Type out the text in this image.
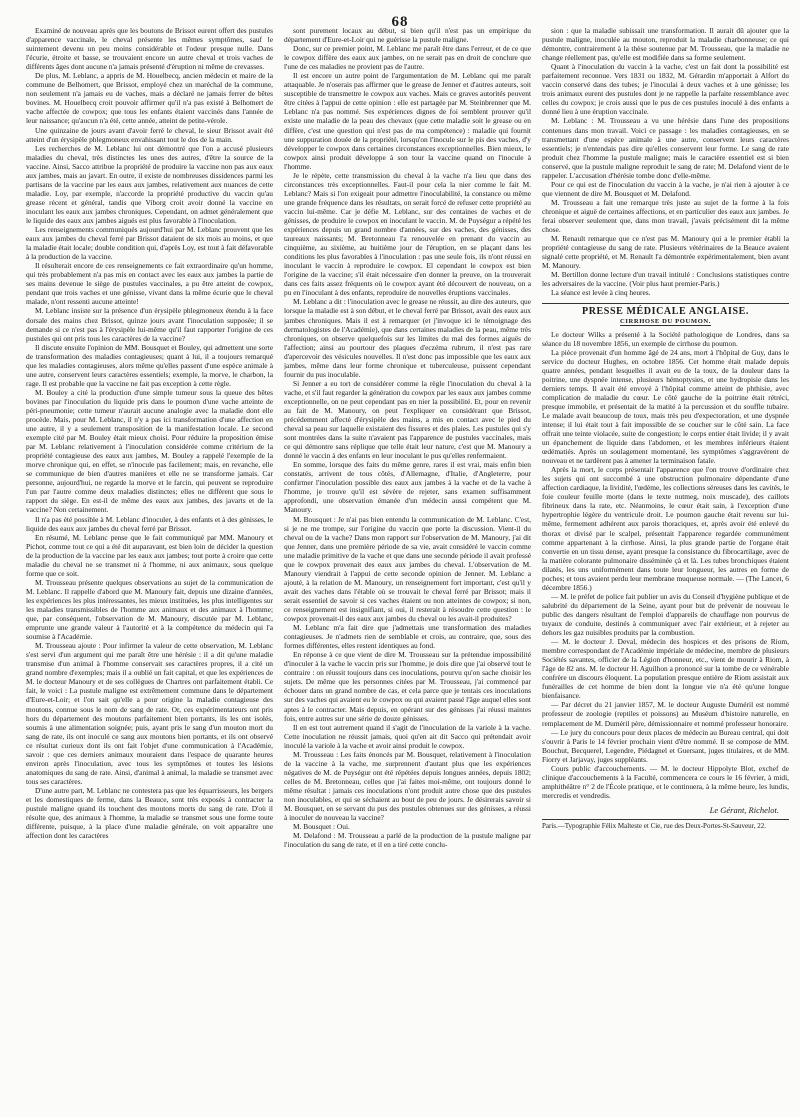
68

Examiné de nouveau après que les boutons de Brissot eurent offert des pustules d'apparence vaccinale, le cheval présente les mêmes symptômes, sauf le suintement devenu un peu moins considérable et l'odeur presque nulle. Dans l'écurie, étroite et basse, se trouvaient encore un autre cheval et trois vaches de différents âges dont aucune n'a jamais présenté d'éruption ni même de crevasses.

De plus, M. Leblanc, a appris de M. Houelbecq, ancien médecin et maire de la commune de Belhomert, que Brissot, employé chez un maréchal de la commune, non seulement n'a jamais eu de vaches, mais a déclaré ne jamais ferrer de bêtes bovines. M. Houelbecq croit pouvoir affirmer qu'il n'a pas existé à Belhomert de vache affectée de cowpox; que tous les enfants étaient vaccinés dans l'année de leur naissance; qu'aucun n'a été, cette année, atteint de petite-vérole.

Une quinzaine de jours avant d'avoir ferré le cheval, le sieur Brissot avait été atteint d'un érysipèle phlegmoneux envahissant tout le dos de la main.

Les recherches de M. Leblanc lui ont démontré que l'on a accusé plusieurs maladies du cheval, très distinctes les unes des autres, d'être la source de la vaccine. Ainsi, Sacco attribue la propriété de produire la vaccine non pas aux eaux aux jambes, mais au javart. En outre, il existe de nombreuses dissidences parmi les partisans de la vaccine par les eaux aux jambes, relativement aux nuances de cette maladie. Loy, par exemple, n'accorde la propriété productive du vaccin qu'au grease récent et général, tandis que Viborg croit avoir donné la vaccine en inoculant les eaux aux jambes chroniques. Cependant, on admet généralement que le liquide des eaux aux jambes aigués est plus favorable à l'inoculation.

Les renseignements communiqués aujourd'hui par M. Leblanc prouvent que les eaux aux jambes du cheval ferré par Brissot dataient de six mois au moins, et que la maladie était locale; double condition qui, d'après Loy, est tout à fait défavorable à la production de la vaccine.

Il résulterait encore de ces renseignements ce fait extraordinaire qu'un homme, qui très probablement n'a pas mis en contact avec les eaux aux jambes la partie de ses mains devenue le siège de pustules vaccinales, a pu être atteint de cowpox, pendant que trois vaches et une génisse, vivant dans la même écurie que le cheval malade, n'ont ressenti aucune atteinte!

M. Leblanc insiste sur la présence d'un érysipèle phlegmoneux étendu à la face dorsale des mains chez Brissot, quinze jours avant l'inoculation supposée; il se demande si ce n'est pas à l'érysipèle lui-même qu'il faut rapporter l'origine de ces pustules qui ont pris tous les caractères de la vaccine?

Il discute ensuite l'opinion de MM. Bousquet et Bouley, qui admettent une sorte de transformation des maladies contagieuses; quant à lui, il a toujours remarqué que les maladies contagieuses, alors même qu'elles passent d'une espèce animale à une autre, conservent leurs caractères essentiels; exemple, la morve, le charbon, la rage. Il est probable que la vaccine ne fait pas exception à cette règle.

M. Bouley a cité la production d'une simple tumeur sous la queue des bêtes bovines par l'inoculation du liquide pris dans le poumon d'une vache atteinte de péri-pneumonie; cette tumeur n'aurait aucune analogie avec la maladie dont elle procède. Mais, pour M. Leblanc, il n'y a pas ici transformation d'une affection en une autre, il y a seulement transposition de la manifestation locale. Le second exemple cité par M. Bouley était mieux choisi. Pour réduire la proposition émise par M. Leblanc relativement à l'inoculation considérée comme critérium de la propriété contagieuse des eaux aux jambes, M. Bouley a rappelé l'exemple de la morve chronique qui, en effet, se n'inocule pas facilement; mais, en revanche, elle se communique de bien d'autres manières et elle ne se transforme jamais. Car personne, aujourd'hui, ne regarde la morve et le farcin, qui peuvent se reproduire l'un par l'autre comme deux maladies distinctes; elles ne diffèrent que sous le rapport du siège. En est-il de même des eaux aux jambes, des javarts et de la vaccine? Non certainement.

Il n'a pas été possible à M. Leblanc d'inoculer, à des enfants et à des génisses, le liquide des eaux aux jambes du cheval ferré par Brissot.

En résumé, M. Leblanc pense que le fait communiqué par MM. Manoury et Pichot, comme tout ce qui a été dit auparavant, est bien loin de décider la question de la production de la vaccine par les eaux aux jambes; tout porte à croire que cette maladie du cheval ne se transmet ni à l'homme, ni aux animaux, sous quelque forme que ce soit.

M. Trousseau présente quelques observations au sujet de la communication de M. Leblanc. Il rappelle d'abord que M. Manoury fait, depuis une dizaine d'années, les expériences les plus intéressantes, les mieux instituées, les plus intelligentes sur les maladies transmissibles de l'homme aux animaux et des animaux à l'homme; que, par conséquent, l'observation de M. Manoury, discutée par M. Leblanc, emprunte une grande valeur à l'autorité et à la compétence du médecin qui l'a soumise à l'Académie.

M. Trousseau ajoute : Pour infirmer la valeur de cette observation, M. Leblanc s'est servi d'un argument qui me paraît être une hérésie : il a dit qu'une maladie transmise d'un animal à l'homme conservait ses caractères propres, il a cité un grand nombre d'exemples; mais il a oublié un fait capital, et que les expériences de M. le docteur Manoury et de ses collègues de Chartres ont parfaitement établi. Ce fait, le voici : La pustule maligne est extrêmement commune dans le département d'Eure-et-Loir; et l'on sait qu'elle a pour origine la maladie contagieuse des moutons, connue sous le nom de sang de rate. Or, ces expérimentateurs ont pris hors du département des moutons parfaitement bien portants, ils les ont isolés, soumis à une alimentation soignée; puis, ayant pris le sang d'un mouton mort du sang de rate, ils ont inoculé ce sang aux moutons bien portants, et ils ont observé ce résultat curieux dont ils ont fait l'objet d'une communication à l'Académie, savoir : que ces derniers animaux mouraient dans l'espace de quarante heures environ après l'inoculation, avec tous les symptômes et toutes les lésions anatomiques du sang de rate. Ainsi, d'animal à animal, la maladie se transmet avec tous ses caractères.

D'une autre part, M. Leblanc ne contestera pas que les équarrisseurs, les bergers et les domestiques de ferme, dans la Beauce, sont très exposés à contracter la pustule maligne quand ils touchent des moutons morts du sang de rate. D'où il résulte que, des animaux à l'homme, la maladie se transmet sous une forme toute différente, puisque, à la place d'une maladie générale, on voit apparaître une affection dont les caractères

sont purement locaux au début, si bien qu'il n'est pas un empirique du département d'Eure-et-Loir qui ne guérisse la pustule maligne.

Donc, sur ce premier point, M. Leblanc me paraît être dans l'erreur, et de ce que le cowpox diffère des eaux aux jambes, on ne serait pas en droit de conclure que l'une de ces maladies ne provient pas de l'autre.

Il est encore un autre point de l'argumentation de M. Leblanc qui me paraît attaquable. Je n'oserais pas affirmer que le grease de Jenner et d'autres auteurs, soit susceptible de transmettre le cowpox aux vaches. Mais ce graves autorités peuvent être citées à l'appui de cette opinion : elle est partagée par M. Steinbrenner que M. Leblanc n'a pas nommé. Ses expériences dignes de foi semblent prouver qu'il existe une maladie de la peau des chevaux (que cette maladie soit le grease ou en diffère, c'est une question qui n'est pas de ma compétence) : maladie qui fournit une suppuration douée de la propriété, lorsqu'on l'inocule sur le pis des vaches, d'y développer le cowpox dans certaines circonstances exceptionnelles. Bien mieux, le cowpox ainsi produit développe à son tour la vaccine quand on l'inocule à l'homme.

Je le répète, cette transmission du cheval à la vache n'a lieu que dans des circonstances très exceptionnelles. Faut-il pour cela la nier comme le fait M. Leblanc? Mais si l'on exigeait pour admettre l'inoculabilité, la constance ou même une grande fréquence dans les résultats, on serait forcé de refuser cette propriété au vaccin lui-même. Car je défie M. Leblanc, sur des centaines de vaches et de génisses, de produire le cowpox en inoculant le vaccin. M. de Puységur a répété les expériences depuis un grand nombre d'années, sur des vaches, des génisses, des taureaux naissants; M. Bretonneau l'a renouvelée en prenant du vaccin au cinquième, au sixième, au huitième jour de l'éruption, en se plaçant dans les conditions les plus favorables à l'inoculation : pas une seule fois, ils n'ont réussi en inoculant le vaccin à reproduire le cowpox. El cependant le cowpox est bien l'origine de la vaccine; s'il était nécessaire d'en donner la preuve, on la trouverait dans ces faits assez fréquents où le cowpox ayant été découvert de nouveau, on a pu en l'inoculant à des enfants, reproduire de nouvelles éruptions vaccinales.

M. Leblanc a dit : l'inoculation avec le grease ne réussit, au dire des auteurs, que lorsque la maladie est à son début, et le cheval ferré par Brissot, avait des eaux aux jambes chroniques. Mais il est à remarquer (et j'invoque ici le témoignage des dermatologistes de l'Académie), que dans certaines maladies de la peau, même très chroniques, on observe quelquefois sur les limites du mal des formes aiguës de l'affection; ainsi au pourtour des plaques d'eczéma rubrum, il n'est pas rare d'apercevoir des vésicules nouvelles. Il n'est donc pas impossible que les eaux aux jambes, même dans leur forme chronique et tuberculeuse, puissent cependant fournir du pus inoculable.

Si Jenner a eu tort de considérer comme la règle l'inoculation du cheval à la vache, et s'il faut regarder la génération du cowpox par les eaux aux jambes comme exceptionnelle, on ne peut cependant pas en nier la possibilité. Et, pour en revenir au fait de M. Manoury, on peut l'expliquer en considérant que Brissot, précédemment affecté d'érysipèle des mains, a mis en contact avec le pied du cheval sa peau sur laquelle existaient des fissures et des plaies. Les pustules qui s'y sont montrées dans la suite n'avaient pas l'apparence de pustules vaccinales, mais ce qui démontre sans réplique que telle était leur nature, c'est que M. Manoury a donné le vaccin à des enfants en leur inoculant le pus qu'elles renfermaient.

En somme, lorsque des faits du même genre, rares il est vrai, mais enfin bien constatés, arrivent de tous côtés, d'Allemagne, d'Italie, d'Angleterre, pour confirmer l'inoculation possible des eaux aux jambes à la vache et de la vache à l'homme, je trouve qu'il est sévère de rejeter, sans examen suffisamment approfondi, une observation émanée d'un médecin aussi compétent que M. Manoury.

M. Bousquet : Je n'ai pas bien entendu la communication de M. Leblanc. C'est, si je ne me trompe, sur l'origine du vaccin que porte la discussion. Vient-il du cheval ou de la vache? Dans mon rapport sur l'observation de M. Manoury, j'ai dit que Jenner, dans une première période de sa vie, avait considéré le vaccin comme une maladie primitive de la vache et que dans une seconde période il avait professé que le cowpox provenait des eaux aux jambes du cheval. L'observation de M. Manoury viendrait à l'appui de cette seconde opinion de Jenner. M. Leblanc a ajouté, à la relation de M. Manoury, un renseignement fort important, c'est qu'il y avait des vaches dans l'étable où se trouvait le cheval ferré par Brissot; mais il serait essentiel de savoir si ces vaches étaient ou non atteintes de cowpox; si non, ce renseignement est insignifiant, si oui, il resterait à résoudre cette question : le cowpox provenait-il des eaux aux jambes du cheval ou les avait-il produites?

M. Leblanc m'a fait dire que j'admettais une transformation des maladies contagieuses. Je n'admets rien de semblable et crois, au contraire, que, sous des formes différentes, elles restent identiques au fond.

En réponse à ce que vient de dire M. Trousseau sur la prétendue impossibilité d'inoculer à la vache le vaccin pris sur l'homme, je dois dire que j'ai observé tout le contraire : on réussit toujours dans ces inoculations, pourvu qu'on sache choisir les sujets. De même que les personnes citées par M. Trousseau, j'ai commencé par échouer dans un grand nombre de cas, et cela parce que je tentais ces inoculations sur des vaches qui avaient eu le cowpox ou qui avaient passé l'âge auquel elles sont aptes à le contracter. Mais depuis, en opérant sur des génisses j'ai réussi maintes fois, entre autres sur une série de douze génisses.

Il en est tout autrement quand il s'agit de l'inoculation de la variole à la vache. Cette inoculation ne réussit jamais, quoi qu'en ait dit Sacco qui prétendait avoir inoculé la variole à la vache et avoir ainsi produit le cowpox.

M. Trousseau : Les faits énoncés par M. Bousquet, relativement à l'inoculation de la vaccine à la vache, me surprennent d'autant plus que les expériences négatives de M. de Puységur ont été répétées depuis longues années, depuis 1802; celles de M. Bretonneau, celles que j'ai faites moi-même, ont toujours donné le même résultat : jamais ces inoculations n'ont produit autre chose que des pustules non inoculables, et qui se séchaient au bout de peu de jours. Je désirerais savoir si M. Bousquet, en se servant du pus des pustules obtenues sur des génisses, a réussi à inoculer de nouveau la vaccine?

M. Bousquet : Oui.

M. Delafond : M. Trousseau a parlé de la production de la pustule maligne par l'inoculation du sang de rate, et il en a tiré cette conclu-

sion : que la maladie subissait une transformation. Il aurait dû ajouter que la pustule maligne, inoculée au mouton, reproduit la maladie charbonneuse; ce qui démontre, contrairement à la thèse soutenue par M. Trousseau, que la maladie ne change réellement pas, qu'elle est modifiée dans sa forme seulement.

Quant à l'inoculation du vaccin à la vache, c'est un fait dont la possibilité est parfaitement reconnue. Vers 1831 ou 1832, M. Gérardin m'apportait à Alfort du vaccin conservé dans des tubes; je l'inoculai à deux vaches et à une génisse; les trois animaux eurent des pustules dont je ne rappelle la parfaite ressemblance avec celles du cowpox; je crois aussi que le pus de ces pustules inoculé à des enfants a donné lieu à une éruption vaccinale.

M. Leblanc : M. Trousseau a vu une hérésie dans l'une des propositions contenues dans mon travail. Voici ce passage : les maladies contagieuses, en se transmettant d'une espèce animale à une autre, conservent leurs caractères essentiels; je n'entendais pas dire qu'elles conservent leur forme. Le sang de rate produit chez l'homme la pustule maligne; mais le caractère essentiel est si bien conservé, que la pustule maligne reproduit le sang de rate; M. Delafond vient de le rappeler. L'accusation d'hérésie tombe donc d'elle-même.

Pour ce qui est de l'inoculation du vaccin à la vache, je n'ai rien à ajouter à ce que viennent de dire M. Bousquet et M. Delafond.

M. Trousseau a fait une remarque très juste au sujet de la forme à la fois chronique et aiguë de certaines affections, et en particulier des eaux aux jambes. Je ferai observer seulement que, dans mon travail, j'avais précisément dit la même chose.

M. Renault remarque que ce n'est pas M. Manoury qui a le premier établi la propriété contagieuse du sang de rate. Plusieurs vétérinaires de la Beauce avaient signalé cette propriété, et M. Renault l'a démontrée expérimentalement, bien avant M. Manoury.

M. Bertillon donne lecture d'un travail intitulé : Conclusions statistiques contre les adversaires de la vaccine. (Voir plus haut premier-Paris.)

La séance est levée à cinq heures.

PRESSE MÉDICALE ANGLAISE.
CIRRHOSE DU POUMON.

Le docteur Wilks a présenté à la Société pathologique de Londres, dans sa séance du 18 novembre 1856, un exemple de cirrhose du poumon.

La pièce provenait d'un homme âgé de 24 ans, mort à l'hôpital de Guy, dans le service du docteur Hughes, en octobre 1856. Cet homme était malade depuis quatre années, pendant lesquelles il avait eu de la toux, de la douleur dans la poitrine, une dyspnée intense, plusieurs hémoptysies, et une hydropisie dans les derniers temps. Il avait été envoyé à l'hôpital comme atteint de phthisie, avec complication de maladie du cœur. Le côté gauche de la poitrine était rétréci, presque immobile, et présentait de la matité à la percussion et du souffle tubaire. Le malade avait beaucoup de toux, mais très peu d'expectoration, et une dyspnée intense; il lui était tout à fait impossible de se coucher sur le côté sain. La face offrait une teinte violacée, suite de congestion; le corps entier était livide; il y avait un épanchement de liquide dans l'abdomen, et les membres inférieurs étaient œdématiés. Après un soulagement momentané, les symptômes s'aggravèrent de nouveau et ne tardèrent pas à amener la terminaison fatale.

Après la mort, le corps présentait l'apparence que l'on trouve d'ordinaire chez les sujets qui ont succombé à une obstruction pulmonaire dépendante d'une affection cardiaque, la lividité, l'œdème, les collections séreuses dans les cavités, le foie couleur feuille morte (dans le texte nutmeg, noix muscade), des caillots fibrineux dans la rate, etc. Néanmoins, le cœur était sain, à l'exception d'une hypertrophie légère du ventricule droit. Le poumon gauche était revenu sur lui-même, fermement adhérent aux parois thoraciques, et, après avoir été enlevé du thorax et divisé par le scalpel, présentait l'apparence regardée communément comme appartenant à la cirrhose. Ainsi, la plus grande partie de l'organe était convertie en un tissu dense, ayant presque la consistance du fibrocartilage, avec de la matière colorante pulmonaire disséminée çà et là. Les tubes bronchiques étaient dilatés, les uns uniformément dans toute leur longueur, les autres en forme de poches; et tous avaient perdu leur membrane muqueuse normale. — (The Lancet, 6 décembre 1856.)

— M. le préfet de police fait publier un avis du Conseil d'hygiène publique et de salubrité du département de la Seine, ayant pour but de prévenir de nouveau le public des dangers résultant de l'emploi d'appareils de chauffage non pourvus de tuyaux de conduite, destinés à communiquer avec l'air extérieur, et à rejeter au dehors les gaz nuisibles produits par la combustion.

— M. le docteur J. Deval, médecin des hospices et des prisons de Riom, membre correspondant de l'Académie impériale de médecine, membre de plusieurs Sociétés savantes, officier de la Légion d'honneur, etc., vient de mourir à Riom, à l'âge de 82 ans. M. le docteur H. Aguilhon a prononcé sur la tombe de ce vénérable confrère un discours éloquent. La population presque entière de Riom assistait aux funérailles de cet homme de bien dont la longue vie n'a été qu'une longue bienfaisance.

— Par décret du 21 janvier 1857, M. le docteur Auguste Duméril est nommé professeur de zoologie (reptiles et poissons) au Muséum d'histoire naturelle, en remplacement de M. Duméril père, démissionnaire et nommé professeur honoraire.

— Le jury du concours pour deux places de médecin au Bureau central, qui doit s'ouvrir à Paris le 14 février prochain vient d'être nommé. Il se compose de MM. Bouchut, Becquerel, Legendre, Piédagnel et Guersant, juges titulaires, et de MM. Fiorry et Jarjavay, juges suppléants.

Cours public d'accouchements. — M. le docteur Hippolyte Blot, exchef de clinique d'accouchements à la Faculté, commencera ce cours le 16 février, à midi, amphithéâtre n° 2 de l'École pratique, et le continuera, à la même heure, les lundis, mercredis et vendredis.

Le Gérant, Richelot.
Paris.—Typographie Félix Malteste et Cie, rue des Deux-Portes-St-Sauveur, 22.
